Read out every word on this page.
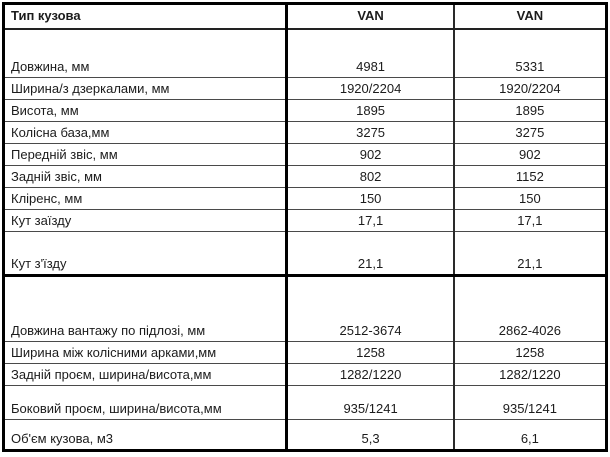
Тип кузова	VAN	VAN
Довжина, мм	4981	5331
Ширина/з дзеркалами, мм	1920/2204	1920/2204
Висота, мм	1895	1895
Колісна база,мм	3275	3275
Передній звіс, мм	902	902
Задній звіс, мм	802	1152
Кліренс, мм	150	150
Кут заїзду	17,1	17,1
Кут з'їзду	21,1	21,1
Довжина вантажу по підлозі, мм	2512-3674	2862-4026
Ширина між колісними арками,мм	1258	1258
Задній проєм, ширина/висота,мм	1282/1220	1282/1220
Боковий проєм, ширина/висота,мм	935/1241	935/1241
Об'єм кузова, м3	5,3	6,1
